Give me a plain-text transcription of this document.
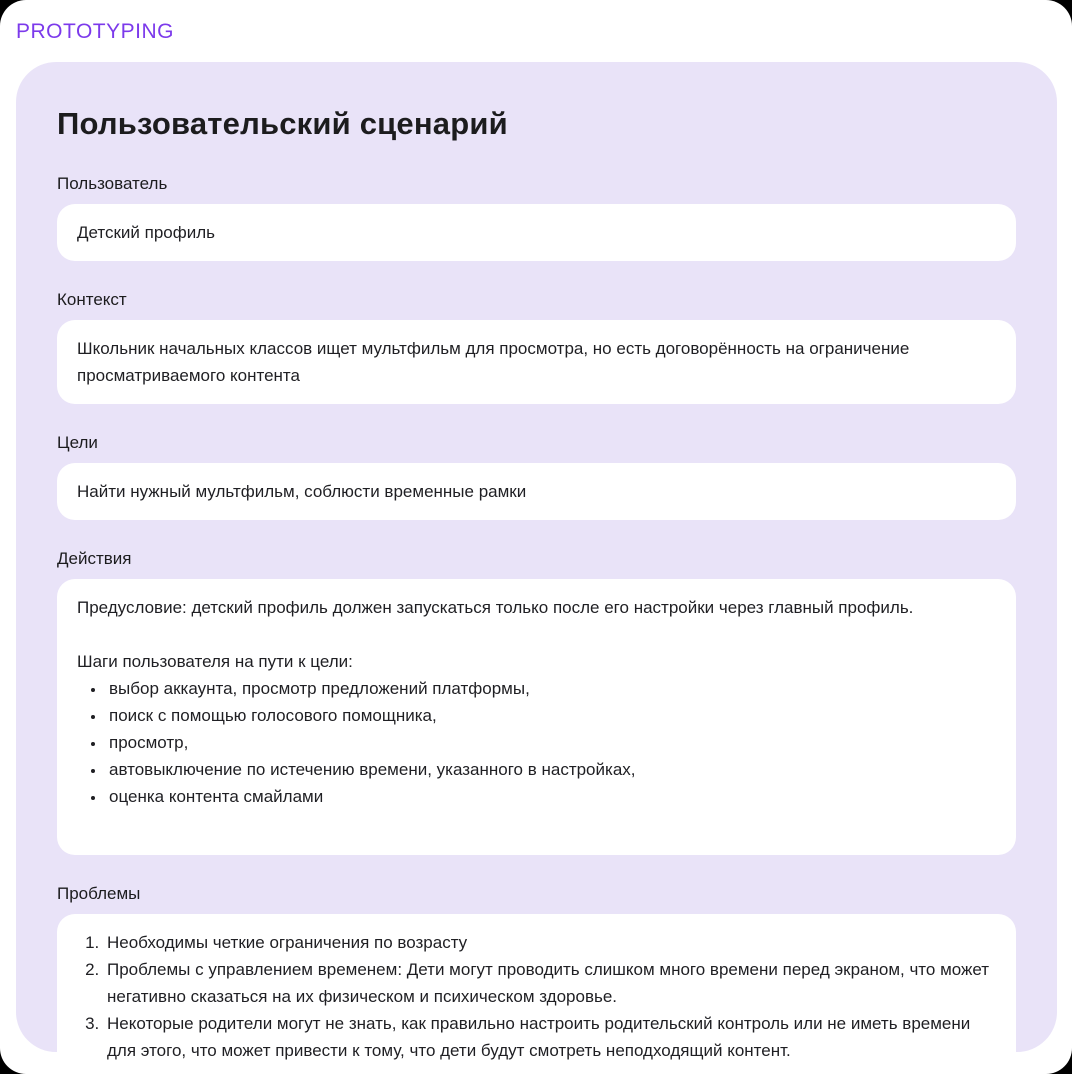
PROTOTYPING
Пользовательский сценарий
Пользователь
Детский профиль
Контекст
Школьник начальных классов ищет мультфильм для просмотра, но есть договорённость на ограничение просматриваемого контента
Цели
Найти нужный мультфильм, соблюсти временные рамки
Действия
Предусловие: детский профиль должен запускаться только после его настройки через главный профиль.
Шаги пользователя на пути к цели:
• выбор аккаунта, просмотр предложений платформы,
• поиск с помощью голосового помощника,
• просмотр,
• автовыключение по истечению времени, указанного в настройках,
• оценка контента смайлами
Проблемы
1. Необходимы четкие ограничения по возрасту
2. Проблемы с управлением временем: Дети могут проводить слишком много времени перед экраном, что может негативно сказаться на их физическом и психическом здоровье.
3. Некоторые родители могут не знать, как правильно настроить родительский контроль или не иметь времени для этого, что может привести к тому, что дети будут смотреть неподходящий контент.
